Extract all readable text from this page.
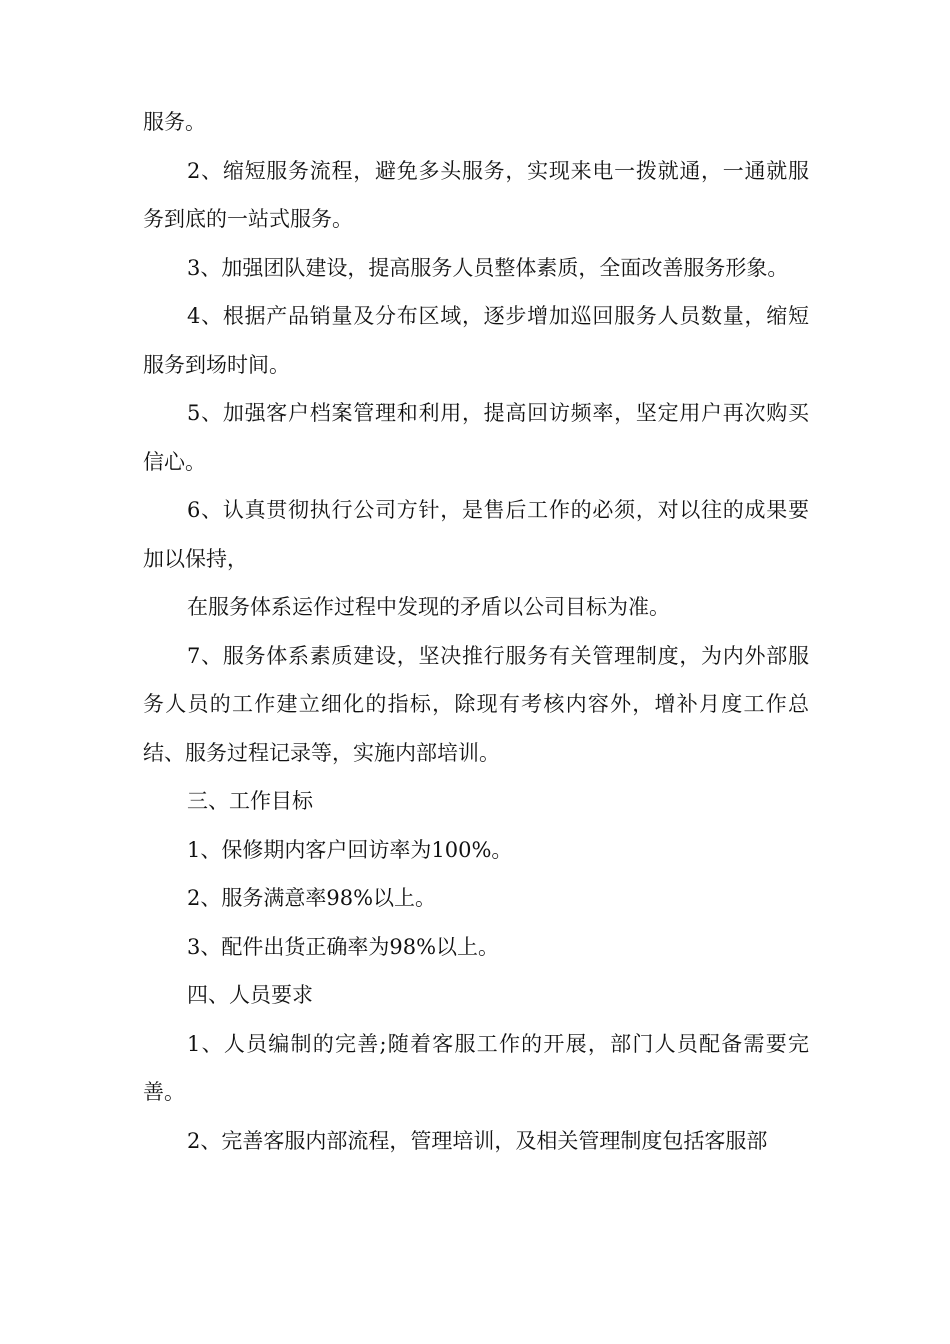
服务。

2、缩短服务流程，避免多头服务，实现来电一拨就通，一通就服务到底的一站式服务。

3、加强团队建设，提高服务人员整体素质，全面改善服务形象。

4、根据产品销量及分布区域，逐步增加巡回服务人员数量，缩短服务到场时间。

5、加强客户档案管理和利用，提高回访频率，坚定用户再次购买信心。

6、认真贯彻执行公司方针，是售后工作的必须，对以往的成果要加以保持，

在服务体系运作过程中发现的矛盾以公司目标为准。

7、服务体系素质建设，坚决推行服务有关管理制度，为内外部服务人员的工作建立细化的指标，除现有考核内容外，增补月度工作总结、服务过程记录等，实施内部培训。

三、工作目标

1、保修期内客户回访率为100%。

2、服务满意率98%以上。

3、配件出货正确率为98%以上。

四、人员要求

1、人员编制的完善;随着客服工作的开展，部门人员配备需要完善。

2、完善客服内部流程，管理培训，及相关管理制度包括客服部
